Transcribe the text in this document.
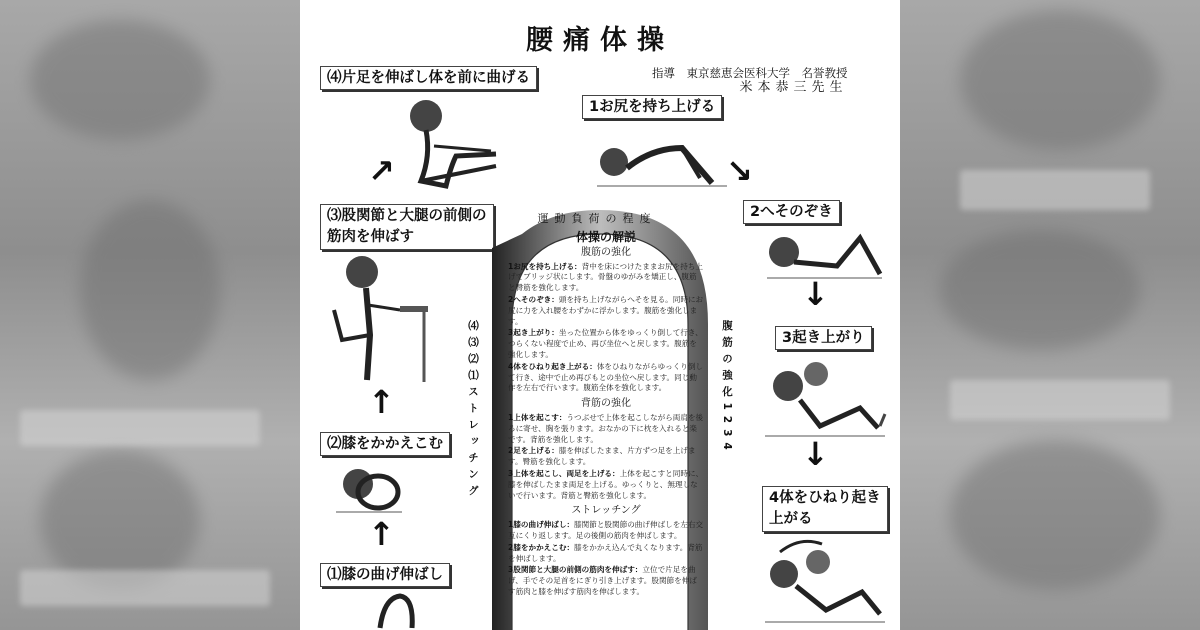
腰痛体操
指導　東京慈恵会医科大学　名誉教授
米本恭三先生
⑷片足を伸ばし体を前に曲げる
1お尻を持ち上げる
2へそのぞき
⑶股関節と大腿の前側の
筋肉を伸ばす
3起き上がり
⑵膝をかかえこむ
4体をひねり起き
上がる
⑴膝の曲げ伸ばし
↗	↘
↓
↓
↑
↑
運動負荷の程度
⑷⑶⑵⑴ストレッチング	腹筋の強化1234
体操の解説
腹筋の強化

1お尻を持ち上げる：背中を床につけたままお尻を持ち上げてブリッジ状にします。骨盤のゆがみを矯正し、腹筋と臀筋を強化します。

2へそのぞき：頭を持ち上げながらへそを見る。同時にお尻に力を入れ腰をわずかに浮かします。腹筋を強化します。

3起き上がり：坐った位置から体をゆっくり倒して行き、つらくない程度で止め、再び坐位へと戻します。腹筋を強化します。

4体をひねり起き上がる：体をひねりながらゆっくり倒して行き、途中で止め再びもとの坐位へ戻します。同じ動作を左右で行います。腹筋全体を強化します。

背筋の強化

1上体を起こす：うつぶせで上体を起こしながら両肩を後ろに寄せ、胸を張ります。おなかの下に枕を入れると楽です。背筋を強化します。

2足を上げる：膝を伸ばしたまま、片方ずつ足を上げます。臀筋を強化します。

3上体を起こし、両足を上げる：上体を起こすと同時に、膝を伸ばしたまま両足を上げる。ゆっくりと、無理しないで行います。背筋と臀筋を強化します。

ストレッチング

1膝の曲げ伸ばし：膝関節と股関節の曲げ伸ばしを左右交互にくり返します。足の後側の筋肉を伸ばします。

2膝をかかえこむ：膝をかかえ込んで丸くなります。背筋を伸ばします。

3股関節と大腿の前側の筋肉を伸ばす：立位で片足を曲げ、手でその足首をにぎり引き上げます。股関節を伸ばす筋肉と膝を伸ばす筋肉を伸ばします。
